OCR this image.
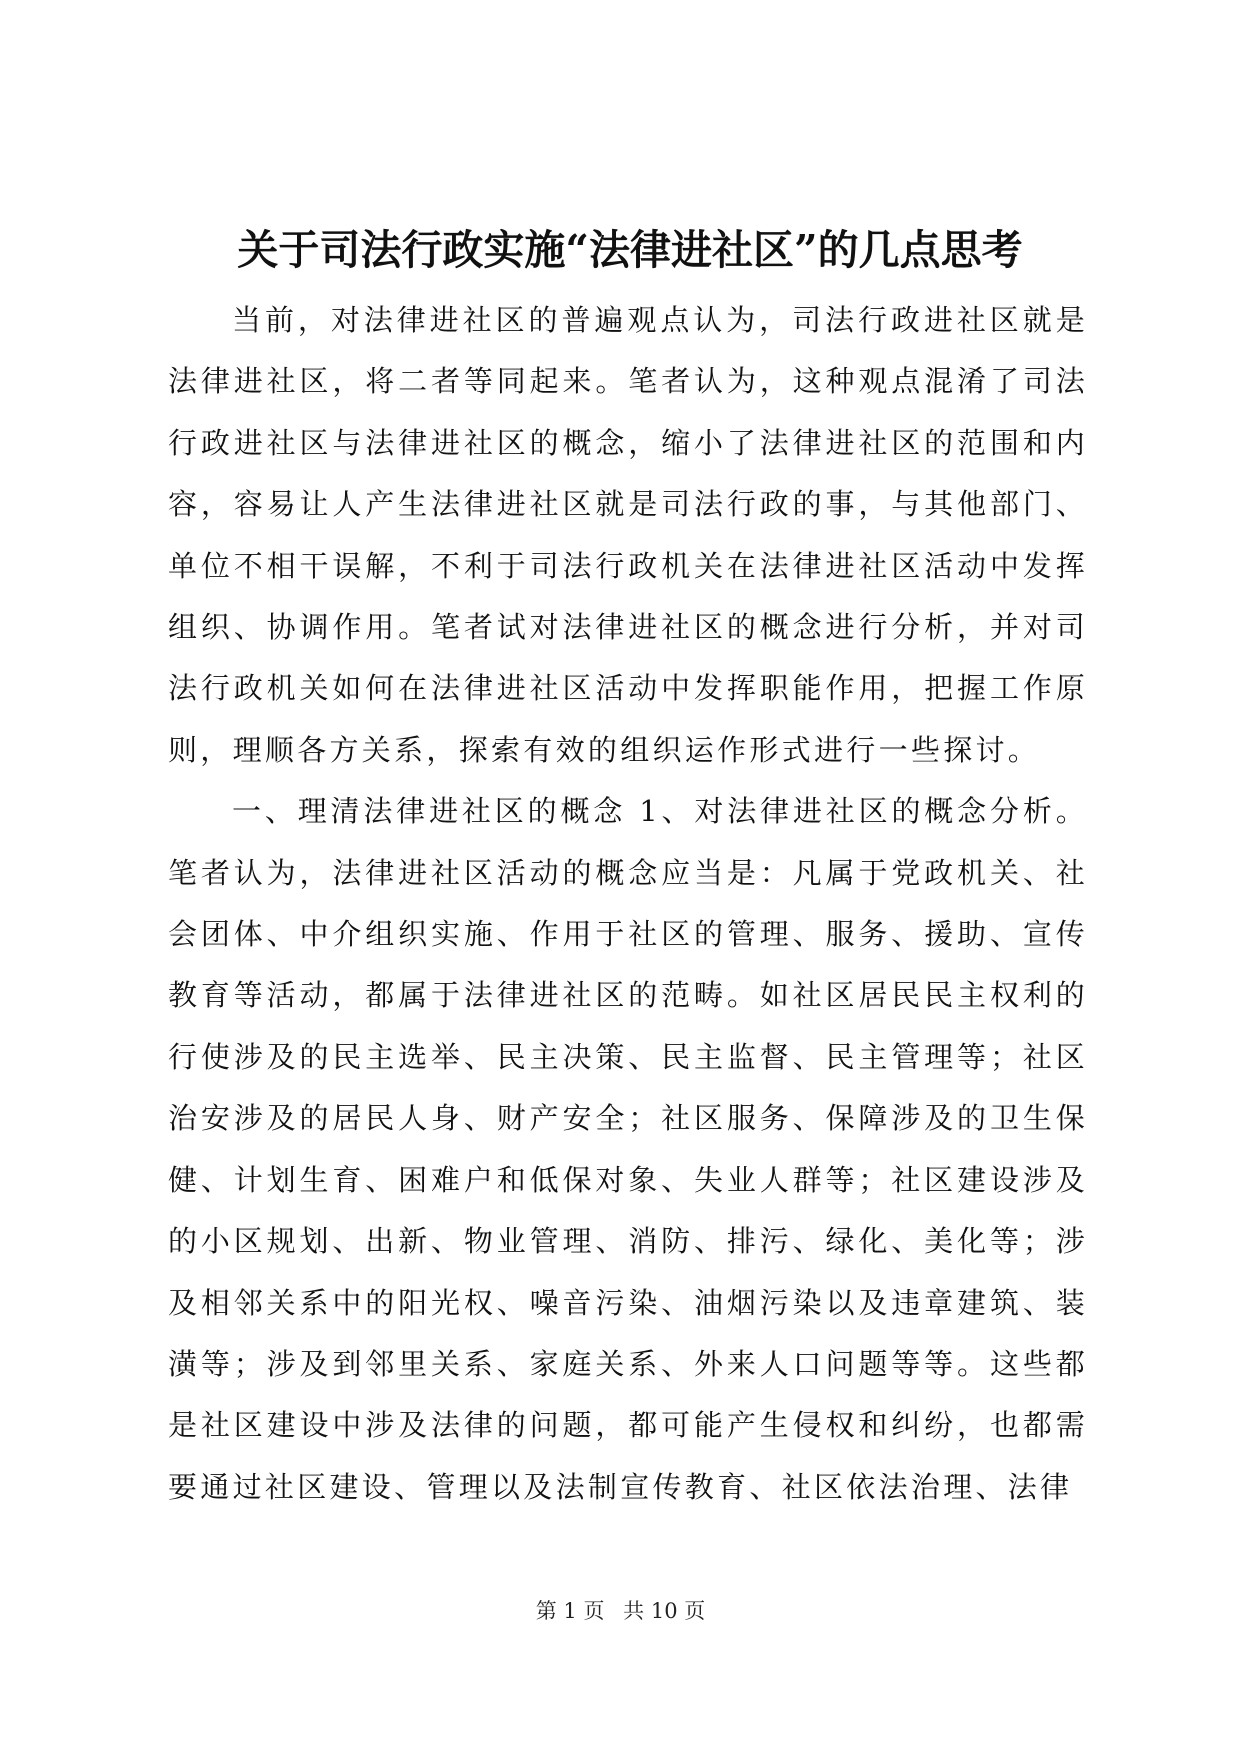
关于司法行政实施“法律进社区”的几点思考

当前，对法律进社区的普遍观点认为，司法行政进社区就是法律进社区，将二者等同起来。笔者认为，这种观点混淆了司法行政进社区与法律进社区的概念，缩小了法律进社区的范围和内容，容易让人产生法律进社区就是司法行政的事，与其他部门、单位不相干误解，不利于司法行政机关在法律进社区活动中发挥组织、协调作用。笔者试对法律进社区的概念进行分析，并对司法行政机关如何在法律进社区活动中发挥职能作用，把握工作原则，理顺各方关系，探索有效的组织运作形式进行一些探讨。

一、理清法律进社区的概念 1、对法律进社区的概念分析。笔者认为，法律进社区活动的概念应当是：凡属于党政机关、社会团体、中介组织实施、作用于社区的管理、服务、援助、宣传教育等活动，都属于法律进社区的范畴。如社区居民民主权利的行使涉及的民主选举、民主决策、民主监督、民主管理等；社区治安涉及的居民人身、财产安全；社区服务、保障涉及的卫生保健、计划生育、困难户和低保对象、失业人群等；社区建设涉及的小区规划、出新、物业管理、消防、排污、绿化、美化等；涉及相邻关系中的阳光权、噪音污染、油烟污染以及违章建筑、装潢等；涉及到邻里关系、家庭关系、外来人口问题等等。这些都是社区建设中涉及法律的问题，都可能产生侵权和纠纷，也都需要通过社区建设、管理以及法制宣传教育、社区依法治理、法律

第 1 页 共 10 页
